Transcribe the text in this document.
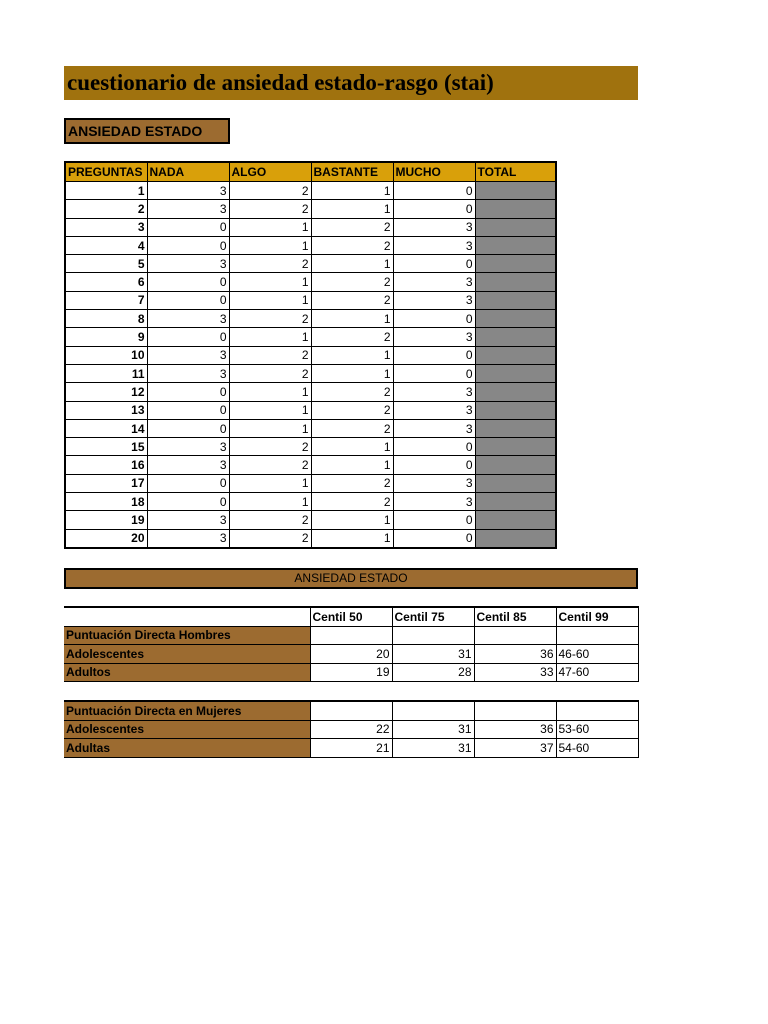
cuestionario de ansiedad estado-rasgo (stai)
ANSIEDAD ESTADO
PREGUNTAS	NADA	ALGO	BASTANTE	MUCHO	TOTAL
1	3	2	1	0	
2	3	2	1	0	
3	0	1	2	3	
4	0	1	2	3	
5	3	2	1	0	
6	0	1	2	3	
7	0	1	2	3	
8	3	2	1	0	
9	0	1	2	3	
10	3	2	1	0	
11	3	2	1	0	
12	0	1	2	3	
13	0	1	2	3	
14	0	1	2	3	
15	3	2	1	0	
16	3	2	1	0	
17	0	1	2	3	
18	0	1	2	3	
19	3	2	1	0	
20	3	2	1	0	
ANSIEDAD ESTADO
	Centil 50	Centil 75	Centil 85	Centil 99
Puntuación Directa Hombres				
Adolescentes	20	31	36	46-60
Adultos	19	28	33	47-60
Puntuación Directa en Mujeres				
Adolescentes	22	31	36	53-60
Adultas	21	31	37	54-60
